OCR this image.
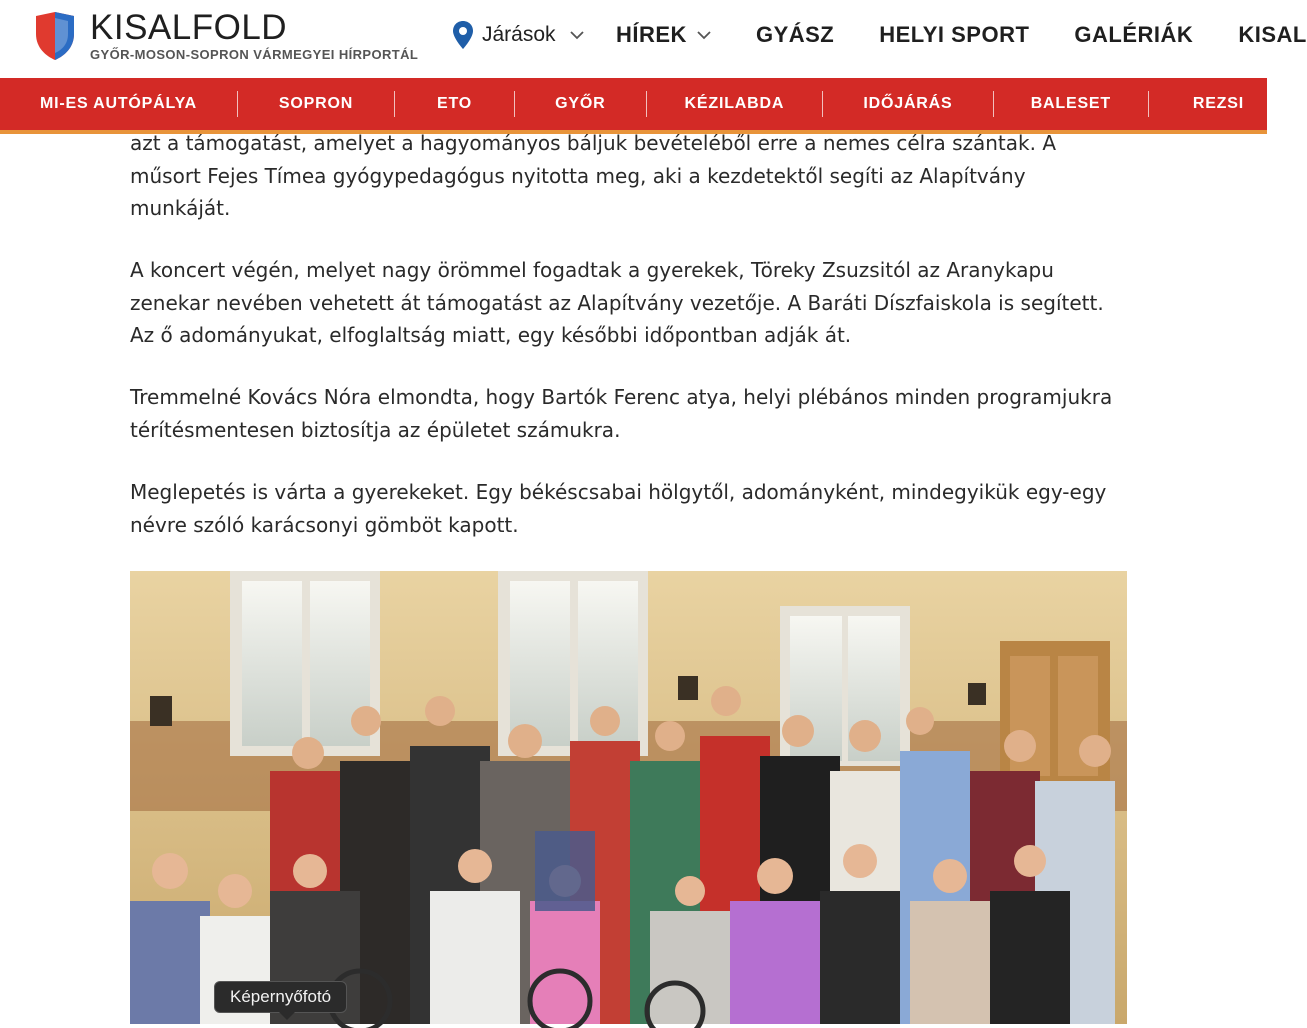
azt a támogatást, amelyet a hagyományos báljuk bevételéből erre a nemes célra szántak. A műsort Fejes Tímea gyógypedagógus nyitotta meg, aki a kezdetektől segíti az Alapítvány munkáját.

A koncert végén, melyet nagy örömmel fogadtak a gyerekek, Töreky Zsuzsitól az Aranykapu zenekar nevében vehetett át támogatást az Alapítvány vezetője. A Baráti Díszfaiskola is segített. Az ő adományukat, elfoglaltság miatt, egy későbbi időpontban adják át.

Tremmelné Kovács Nóra elmondta, hogy Bartók Ferenc atya, helyi plébános minden programjukra térítésmentesen biztosítja az épületet számukra.

Meglepetés is várta a gyerekeket. Egy békéscsabai hölgytől, adományként, mindegyikük egy-egy névre szóló karácsonyi gömböt kapott.

KISALFOLD
GYŐR-MOSON-SOPRON VÁRMEGYEI HÍRPORTÁL
Járások	HÍREK	GYÁSZ HELYI SPORT GALÉRIÁK KISAL
MI-ES AUTÓPÁLYA	SOPRON	ETO	GYŐR	KÉZILABDA	IDŐJÁRÁS	BALESET	REZSI
Képernyőfotó
